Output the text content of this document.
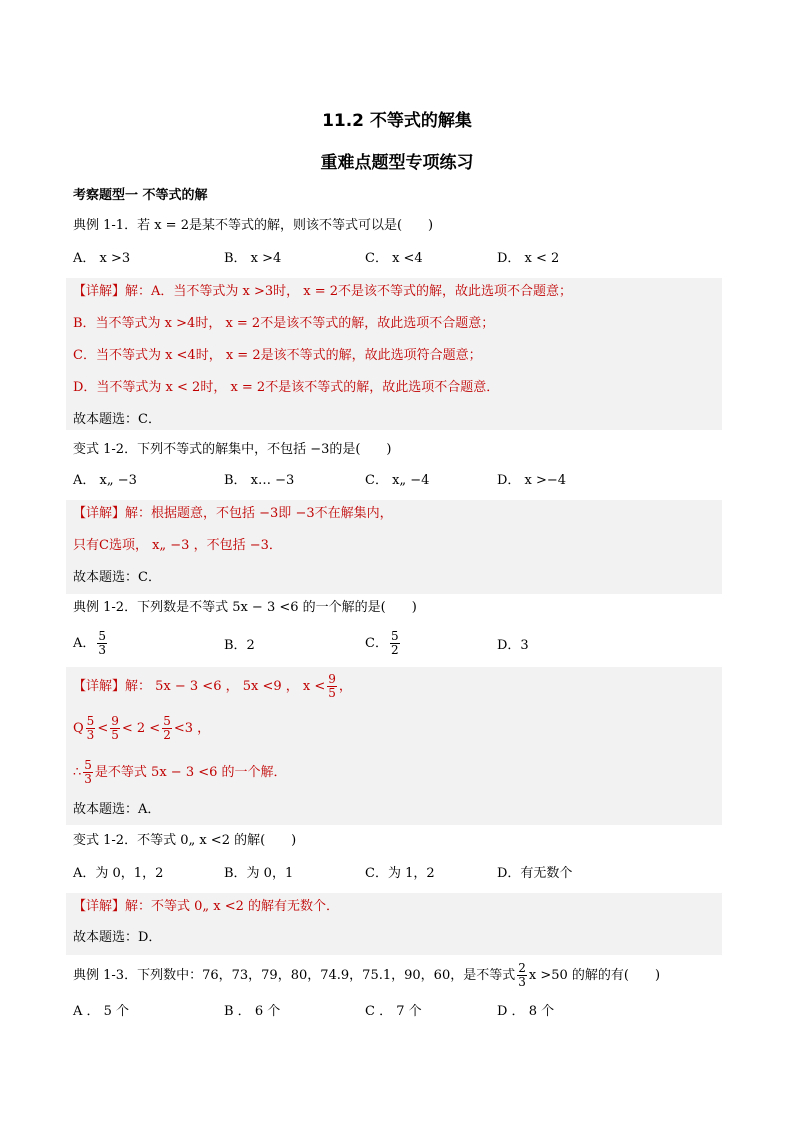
11.2 不等式的解集
重难点题型专项练习
考察题型一 不等式的解
典例 1-1．若 x = 2是某不等式的解，则该不等式可以是(　　)
A． x >3	B． x >4	C． x <4	D． x < 2
【详解】解：A．当不等式为 x >3时， x = 2不是该不等式的解，故此选项不合题意；
B．当不等式为 x >4时， x = 2不是该不等式的解，故此选项不合题意；
C．当不等式为 x <4时， x = 2是该不等式的解，故此选项符合题意；
D．当不等式为 x < 2时， x = 2不是该不等式的解，故此选项不合题意．
故本题选：C．
变式 1-2．下列不等式的解集中，不包括 −3的是(　　)
A． x„ −3	B． x… −3	C． x„ −4	D． x >−4
【详解】解：根据题意，不包括 −3即 −3不在解集内，
只有C选项， x„ −3 ，不包括 −3．
故本题选：C．
典例 1-2．下列数是不等式 5x − 3 <6 的一个解的是(　　)
A． $\frac{5}{3}$	B．2	C． $\frac{5}{2}$	D．3
【详解】解： 5x − 3 <6 ， 5x <9 ， $x < \frac{9}{5}$ ，
Q $\frac{5}{3} < \frac{9}{5} < 2 < \frac{5}{2} <3$ ，
∴ $\frac{5}{3}$ 是不等式 5x − 3 <6 的一个解．
故本题选：A．
变式 1-2．不等式 0„ x <2 的解(　　)
A．为 0，1，2	B．为 0，1	C．为 1，2	D．有无数个
【详解】解：不等式 0„ x <2 的解有无数个．
故本题选：D．
典例 1-3．下列数中：76，73，79，80，74.9，75.1，90，60，是不等式 $\frac{2}{3}$ x >50 的解的有(　　)
A ． 5 个	B ． 6 个	C ． 7 个	D ． 8 个
